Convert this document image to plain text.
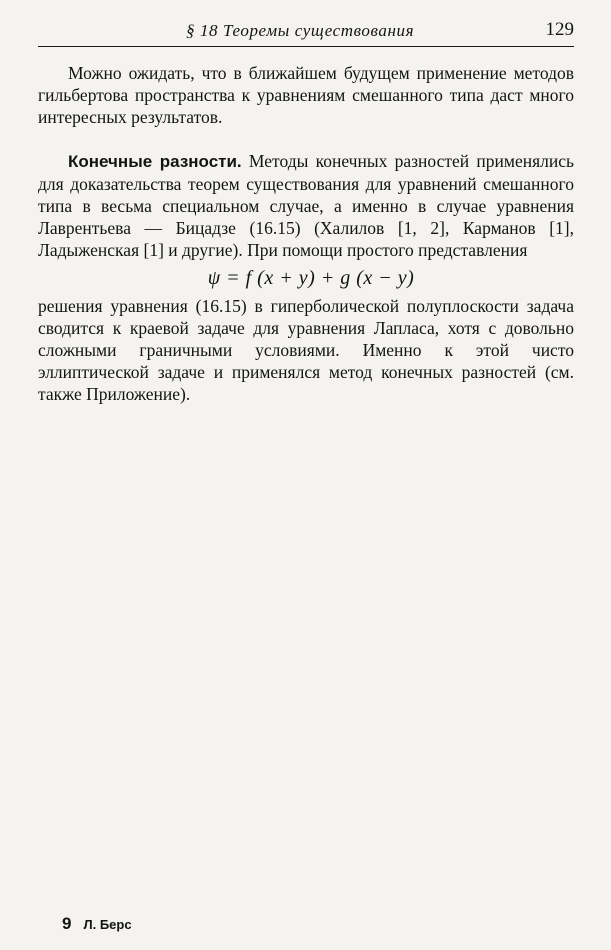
§ 18 Теоремы существования	129

Можно ожидать, что в ближайшем будущем применение методов гильбертова пространства к уравнениям смешанного типа даст много интересных результатов.

Конечные разности. Методы конечных разностей применялись для доказательства теорем существования для уравнений смешанного типа в весьма специальном случае, а именно в случае уравнения Лаврентьева — Бицадзе (16.15) (Халилов [1, 2], Карманов [1], Ладыженская [1] и другие). При помощи простого представления

ψ = f (x + y) + g (x − y)

решения уравнения (16.15) в гиперболической полуплоскости задача сводится к краевой задаче для уравнения Лапласа, хотя с довольно сложными граничными условиями. Именно к этой чисто эллиптической задаче и применялся метод конечных разностей (см. также Приложение).

9 Л. Берс
